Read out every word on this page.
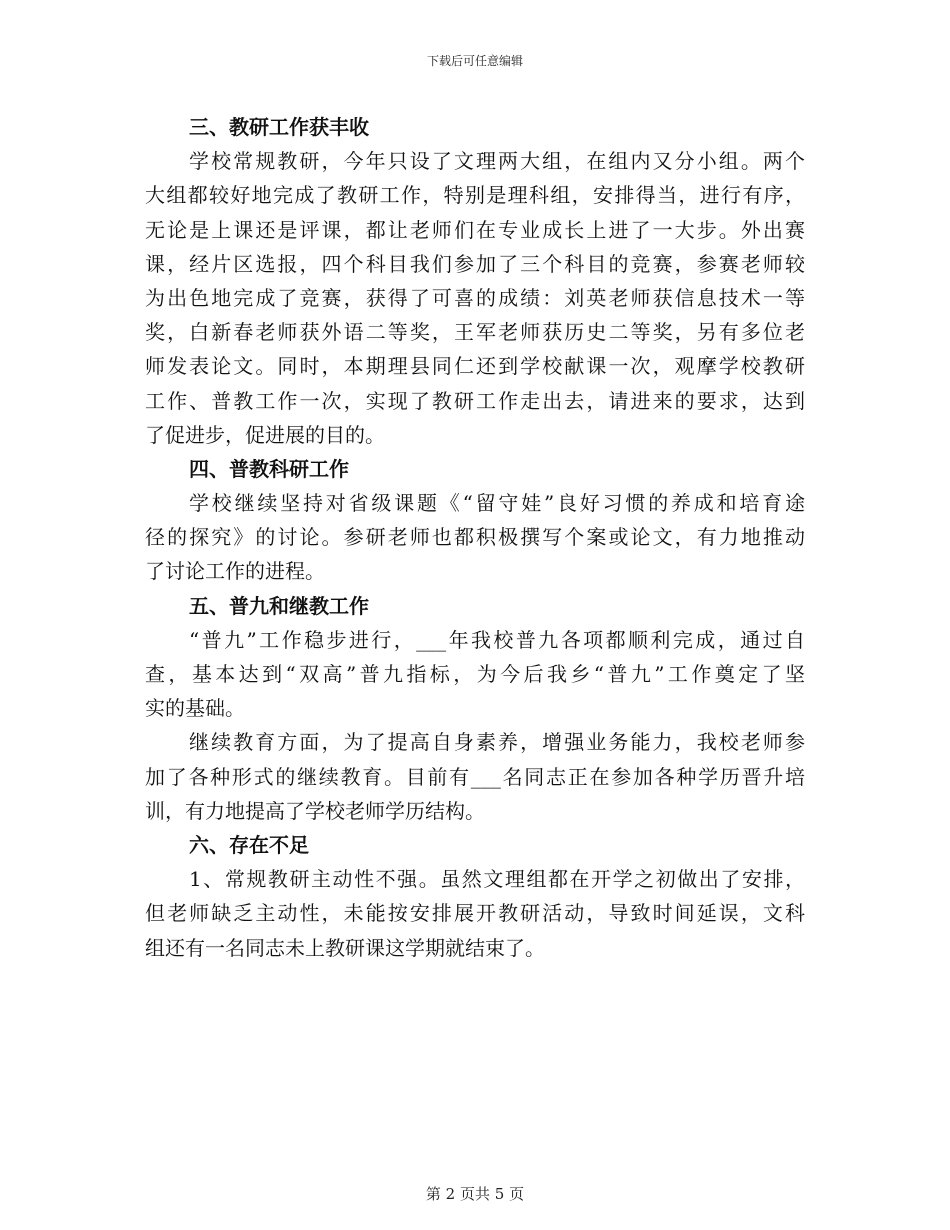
下载后可任意编辑
三、教研工作获丰收
学校常规教研，今年只设了文理两大组，在组内又分小组。两个
大组都较好地完成了教研工作，特别是理科组，安排得当，进行有序，
无论是上课还是评课，都让老师们在专业成长上进了一大步。外出赛
课，经片区选报，四个科目我们参加了三个科目的竞赛，参赛老师较
为出色地完成了竞赛，获得了可喜的成绩：刘英老师获信息技术一等
奖，白新春老师获外语二等奖，王军老师获历史二等奖，另有多位老
师发表论文。同时，本期理县同仁还到学校献课一次，观摩学校教研
工作、普教工作一次，实现了教研工作走出去，请进来的要求，达到
了促进步，促进展的目的。
四、普教科研工作
学校继续坚持对省级课题《“留守娃”良好习惯的养成和培育途
径的探究》的讨论。参研老师也都积极撰写个案或论文，有力地推动
了讨论工作的进程。
五、普九和继教工作
“普九”工作稳步进行，___年我校普九各项都顺利完成，通过自
查，基本达到“双高”普九指标，为今后我乡“普九”工作奠定了坚
实的基础。
继续教育方面，为了提高自身素养，增强业务能力，我校老师参
加了各种形式的继续教育。目前有___名同志正在参加各种学历晋升培
训，有力地提高了学校老师学历结构。
六、存在不足
1、常规教研主动性不强。虽然文理组都在开学之初做出了安排，
但老师缺乏主动性，未能按安排展开教研活动，导致时间延误，文科
组还有一名同志未上教研课这学期就结束了。
第 2 页共 5 页
